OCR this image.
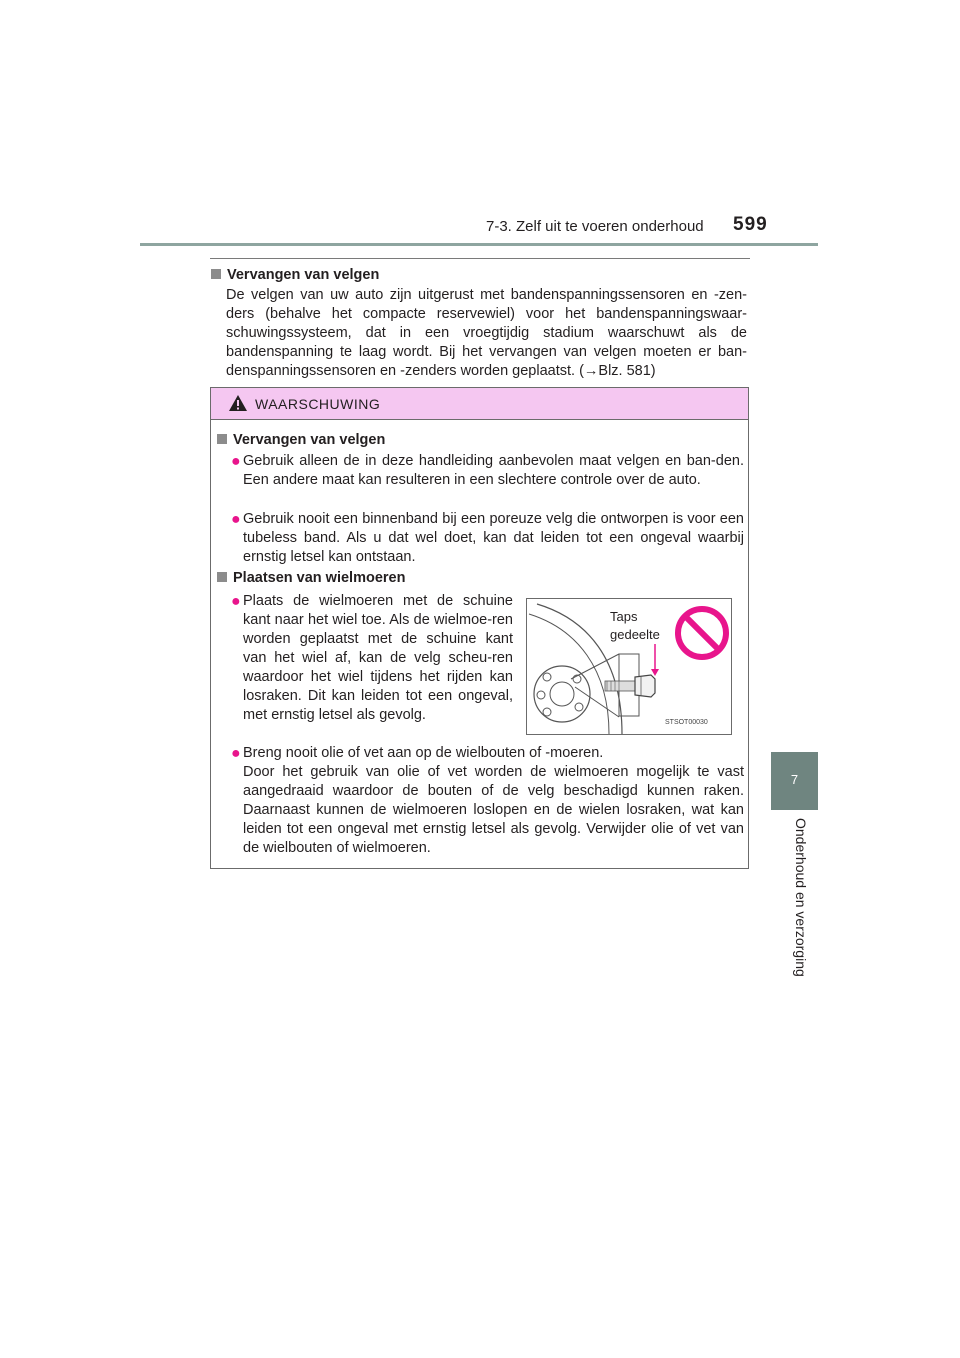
7-3. Zelf uit te voeren onderhoud 599
7
Onderhoud en verzorging
Vervangen van velgen
De velgen van uw auto zijn uitgerust met bandenspanningssensoren en -zen-ders (behalve het compacte reservewiel) voor het bandenspanningswaar-schuwingssysteem, dat in een vroegtijdig stadium waarschuwt als de bandenspanning te laag wordt. Bij het vervangen van velgen moeten er ban-denspanningssensoren en -zenders worden geplaatst. (→Blz. 581)
WAARSCHUWING
Vervangen van velgen
● Gebruik alleen de in deze handleiding aanbevolen maat velgen en ban-den. Een andere maat kan resulteren in een slechtere controle over de auto.
● Gebruik nooit een binnenband bij een poreuze velg die ontworpen is voor een tubeless band. Als u dat wel doet, kan dat leiden tot een ongeval waarbij ernstig letsel kan ontstaan.
Plaatsen van wielmoeren
● Plaats de wielmoeren met de schuine kant naar het wiel toe. Als de wielmoe-ren worden geplaatst met de schuine kant van het wiel af, kan de velg scheu-ren waardoor het wiel tijdens het rijden kan losraken. Dit kan leiden tot een ongeval, met ernstig letsel als gevolg.	STSOT00030
Taps
gedeelte
● Breng nooit olie of vet aan op de wielbouten of -moeren.
Door het gebruik van olie of vet worden de wielmoeren mogelijk te vast aangedraaid waardoor de bouten of de velg beschadigd kunnen raken. Daarnaast kunnen de wielmoeren loslopen en de wielen losraken, wat kan leiden tot een ongeval met ernstig letsel als gevolg. Verwijder olie of vet van de wielbouten of wielmoeren.
